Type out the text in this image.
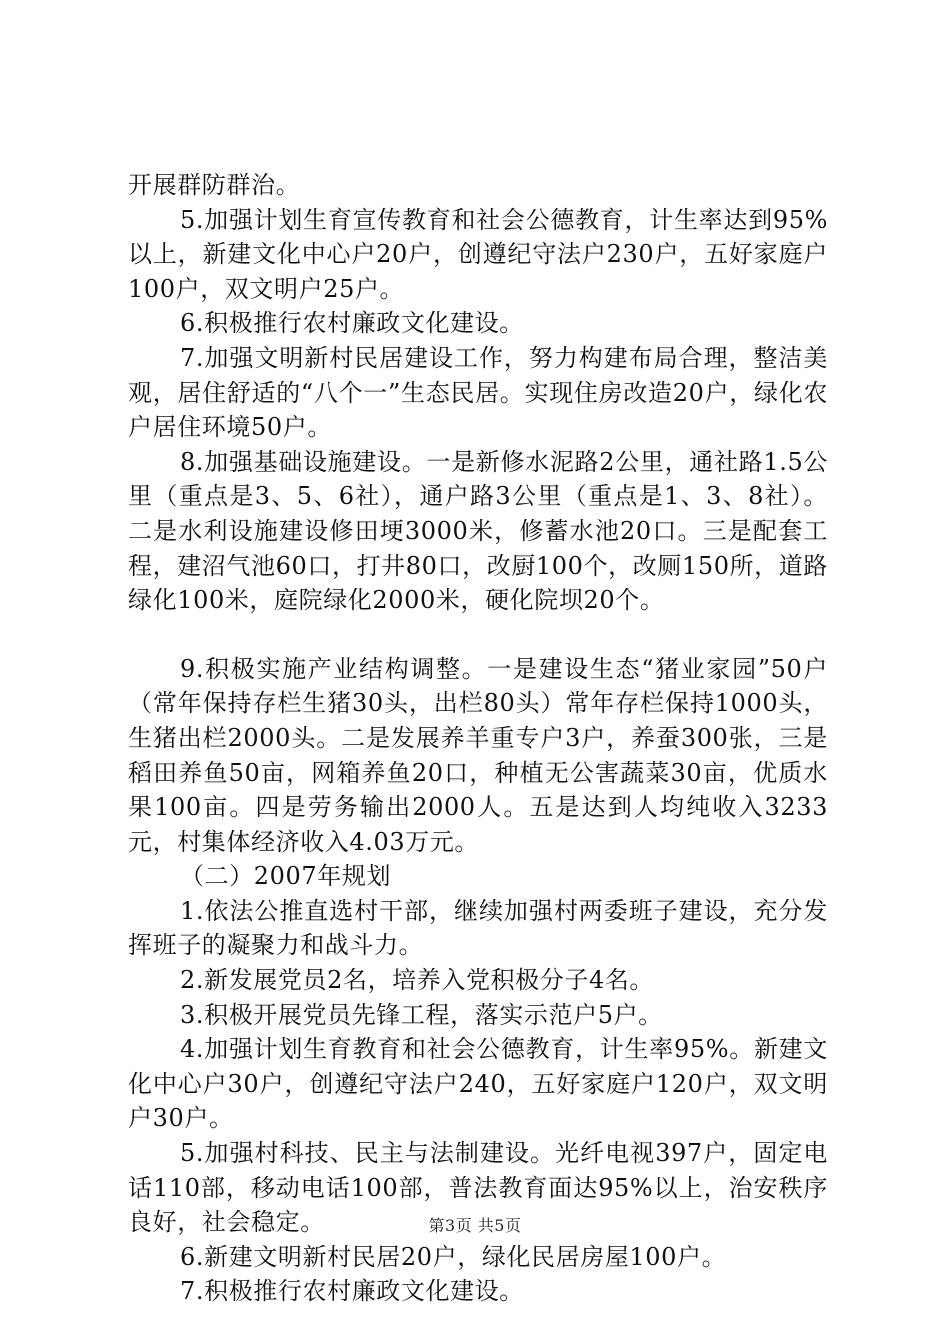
开展群防群治。

5.加强计划生育宣传教育和社会公德教育，计生率达到95%以上，新建文化中心户20户，创遵纪守法户230户，五好家庭户100户，双文明户25户。

6.积极推行农村廉政文化建设。

7.加强文明新村民居建设工作，努力构建布局合理，整洁美观，居住舒适的“八个一”生态民居。实现住房改造20户，绿化农户居住环境50户。

8.加强基础设施建设。一是新修水泥路2公里，通社路1.5公里（重点是3、5、6社），通户路3公里（重点是1、3、8社）。二是水利设施建设修田埂3000米，修蓄水池20口。三是配套工程，建沼气池60口，打井80口，改厨100个，改厕150所，道路绿化100米，庭院绿化2000米，硬化院坝20个。

9.积极实施产业结构调整。一是建设生态“猪业家园”50户（常年保持存栏生猪30头，出栏80头）常年存栏保持1000头，生猪出栏2000头。二是发展养羊重专户3户，养蚕300张，三是稻田养鱼50亩，网箱养鱼20口，种植无公害蔬菜30亩，优质水果100亩。四是劳务输出2000人。五是达到人均纯收入3233元，村集体经济收入4.03万元。

（二）2007年规划

1.依法公推直选村干部，继续加强村两委班子建设，充分发挥班子的凝聚力和战斗力。

2.新发展党员2名，培养入党积极分子4名。

3.积极开展党员先锋工程，落实示范户5户。

4.加强计划生育教育和社会公德教育，计生率95%。新建文化中心户30户，创遵纪守法户240，五好家庭户120户，双文明户30户。

5.加强村科技、民主与法制建设。光纤电视397户，固定电话110部，移动电话100部，普法教育面达95%以上，治安秩序良好，社会稳定。

6.新建文明新村民居20户，绿化民居房屋100户。

7.积极推行农村廉政文化建设。

第3页 共5页
